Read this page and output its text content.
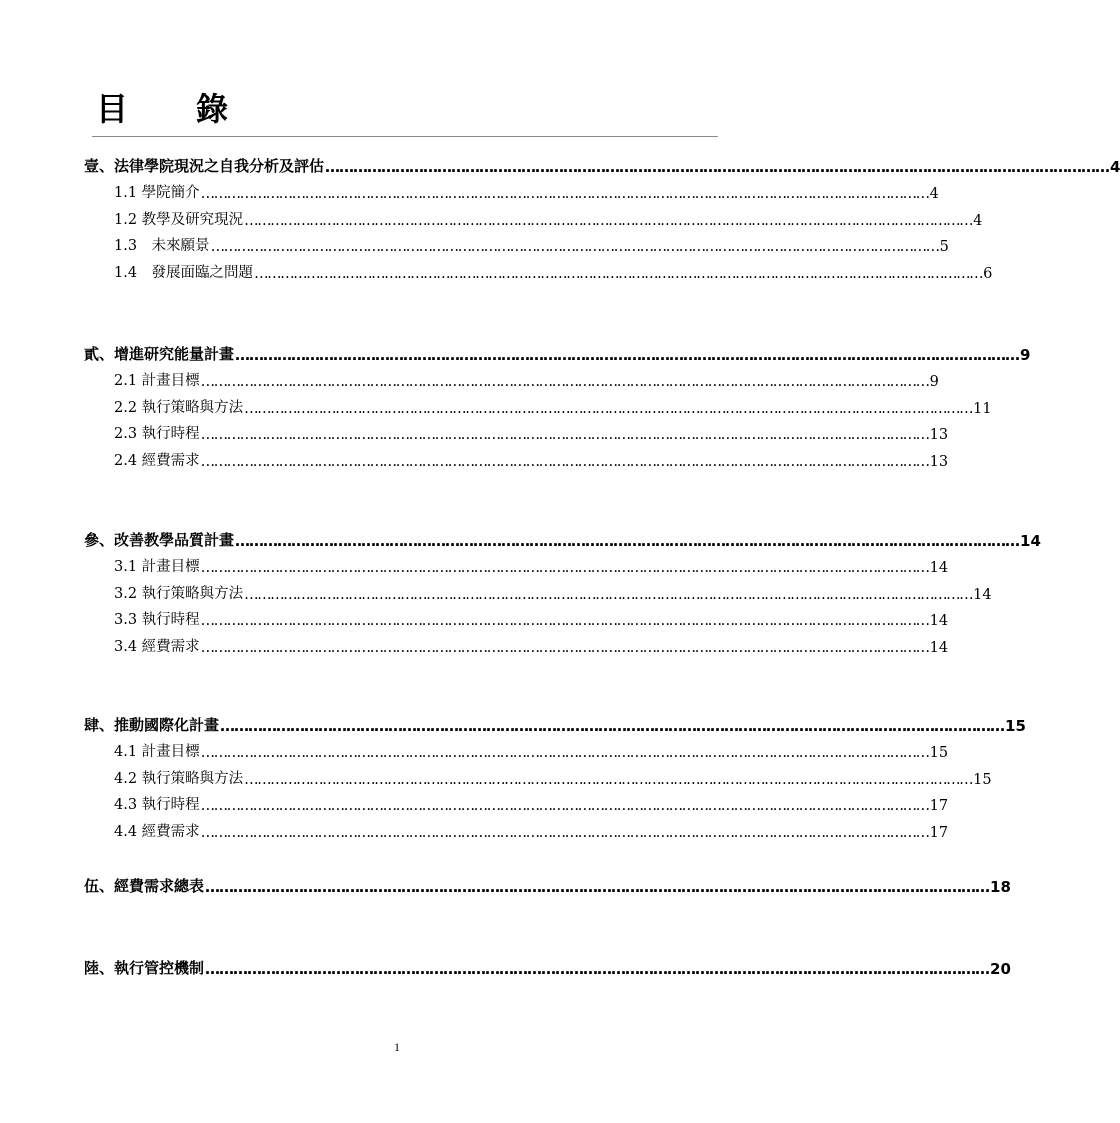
目 錄
壹、法律學院現況之自我分析及評估 …………………………………………………………………………………………………………………………………………………… 4
1.1 學院簡介 …………………………………………………………………………………………………………………………………………………… 4
1.2 教學及研究現況 …………………………………………………………………………………………………………………………………………………… 4
1.3　未來願景 …………………………………………………………………………………………………………………………………………………… 5
1.4　發展面臨之問題 …………………………………………………………………………………………………………………………………………………… 6
貳、增進研究能量計畫 …………………………………………………………………………………………………………………………………………………… 9
2.1 計畫目標 …………………………………………………………………………………………………………………………………………………… 9
2.2 執行策略與方法 …………………………………………………………………………………………………………………………………………………… 11
2.3 執行時程 …………………………………………………………………………………………………………………………………………………… 13
2.4 經費需求 …………………………………………………………………………………………………………………………………………………… 13
參、改善教學品質計畫 …………………………………………………………………………………………………………………………………………………… 14
3.1 計畫目標 …………………………………………………………………………………………………………………………………………………… 14
3.2 執行策略與方法 …………………………………………………………………………………………………………………………………………………… 14
3.3 執行時程 …………………………………………………………………………………………………………………………………………………… 14
3.4 經費需求 …………………………………………………………………………………………………………………………………………………… 14
肆、推動國際化計畫 …………………………………………………………………………………………………………………………………………………… 15
4.1 計畫目標 …………………………………………………………………………………………………………………………………………………… 15
4.2 執行策略與方法 …………………………………………………………………………………………………………………………………………………… 15
4.3 執行時程 …………………………………………………………………………………………………………………………………………………… 17
4.4 經費需求 …………………………………………………………………………………………………………………………………………………… 17
伍、經費需求總表 …………………………………………………………………………………………………………………………………………………… 18
陸、執行管控機制 …………………………………………………………………………………………………………………………………………………… 20
1
